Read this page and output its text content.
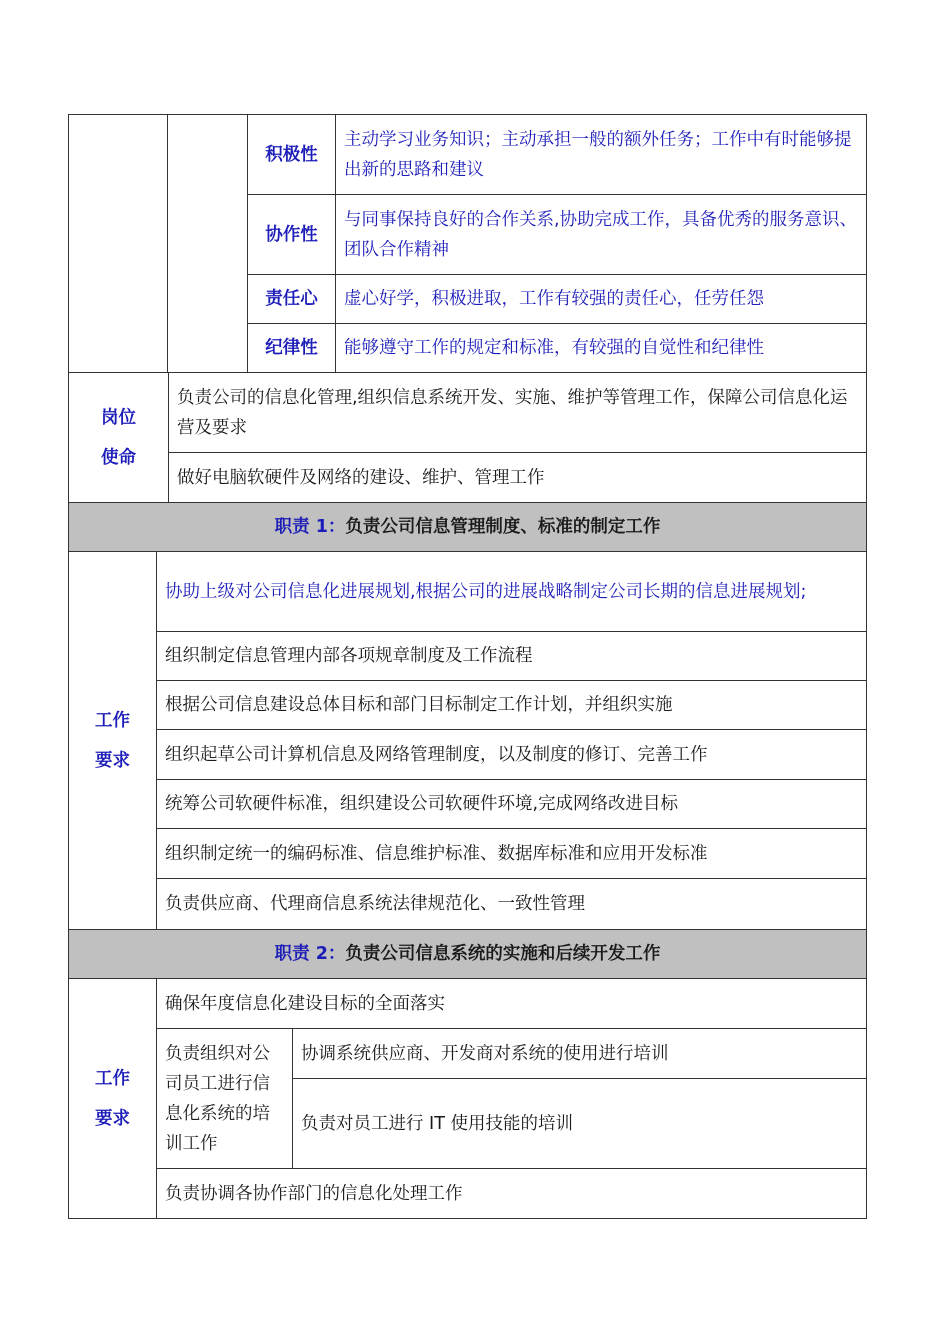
积极性
主动学习业务知识；主动承担一般的额外任务；工作中有时能够提出新的思路和建议
协作性
与同事保持良好的合作关系,协助完成工作，具备优秀的服务意识、团队合作精神
责任心	虚心好学，积极进取，工作有较强的责任心，任劳任怨
纪律性	能够遵守工作的规定和标准，有较强的自觉性和纪律性
岗位
使命
负责公司的信息化管理,组织信息系统开发、实施、维护等管理工作，保障公司信息化运营及要求
做好电脑软硬件及网络的建设、维护、管理工作
职责 1：负责公司信息管理制度、标准的制定工作
工作
要求
协助上级对公司信息化进展规划,根据公司的进展战略制定公司长期的信息进展规划;
组织制定信息管理内部各项规章制度及工作流程
根据公司信息建设总体目标和部门目标制定工作计划，并组织实施
组织起草公司计算机信息及网络管理制度，以及制度的修订、完善工作
统筹公司软硬件标准，组织建设公司软硬件环境,完成网络改进目标
组织制定统一的编码标准、信息维护标准、数据库标准和应用开发标准
负责供应商、代理商信息系统法律规范化、一致性管理
职责 2：负责公司信息系统的实施和后续开发工作
工作
要求
确保年度信息化建设目标的全面落实
负责组织对公司员工进行信息化系统的培训工作
协调系统供应商、开发商对系统的使用进行培训
负责对员工进行 IT 使用技能的培训
负责协调各协作部门的信息化处理工作
